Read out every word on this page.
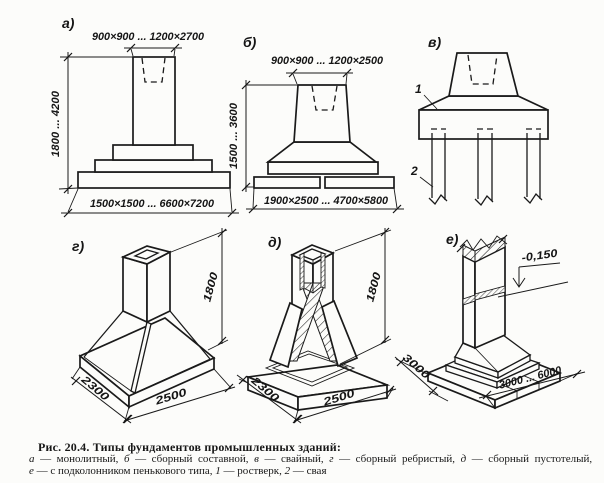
1800 ... 4200
900×900 ... 1200×2700
1500×1500 ... 6600×7200
а)
1500 ... 3600
900×900 ... 1200×2500
1900×2500 ... 4700×5800
б)
1
2
в)
1800
2300	2500
г)
1800
2300	2500
д)
-0,150
3000
3000 ... 6000
е)
Рис. 20.4. Типы фундаментов промышленных зданий:
а — монолитный, б — сборный составной, в — свайный, г — сборный ребристый, д — сборный пустотелый,
е — с подколонником пенькового типа, 1 — ростверк, 2 — свая
